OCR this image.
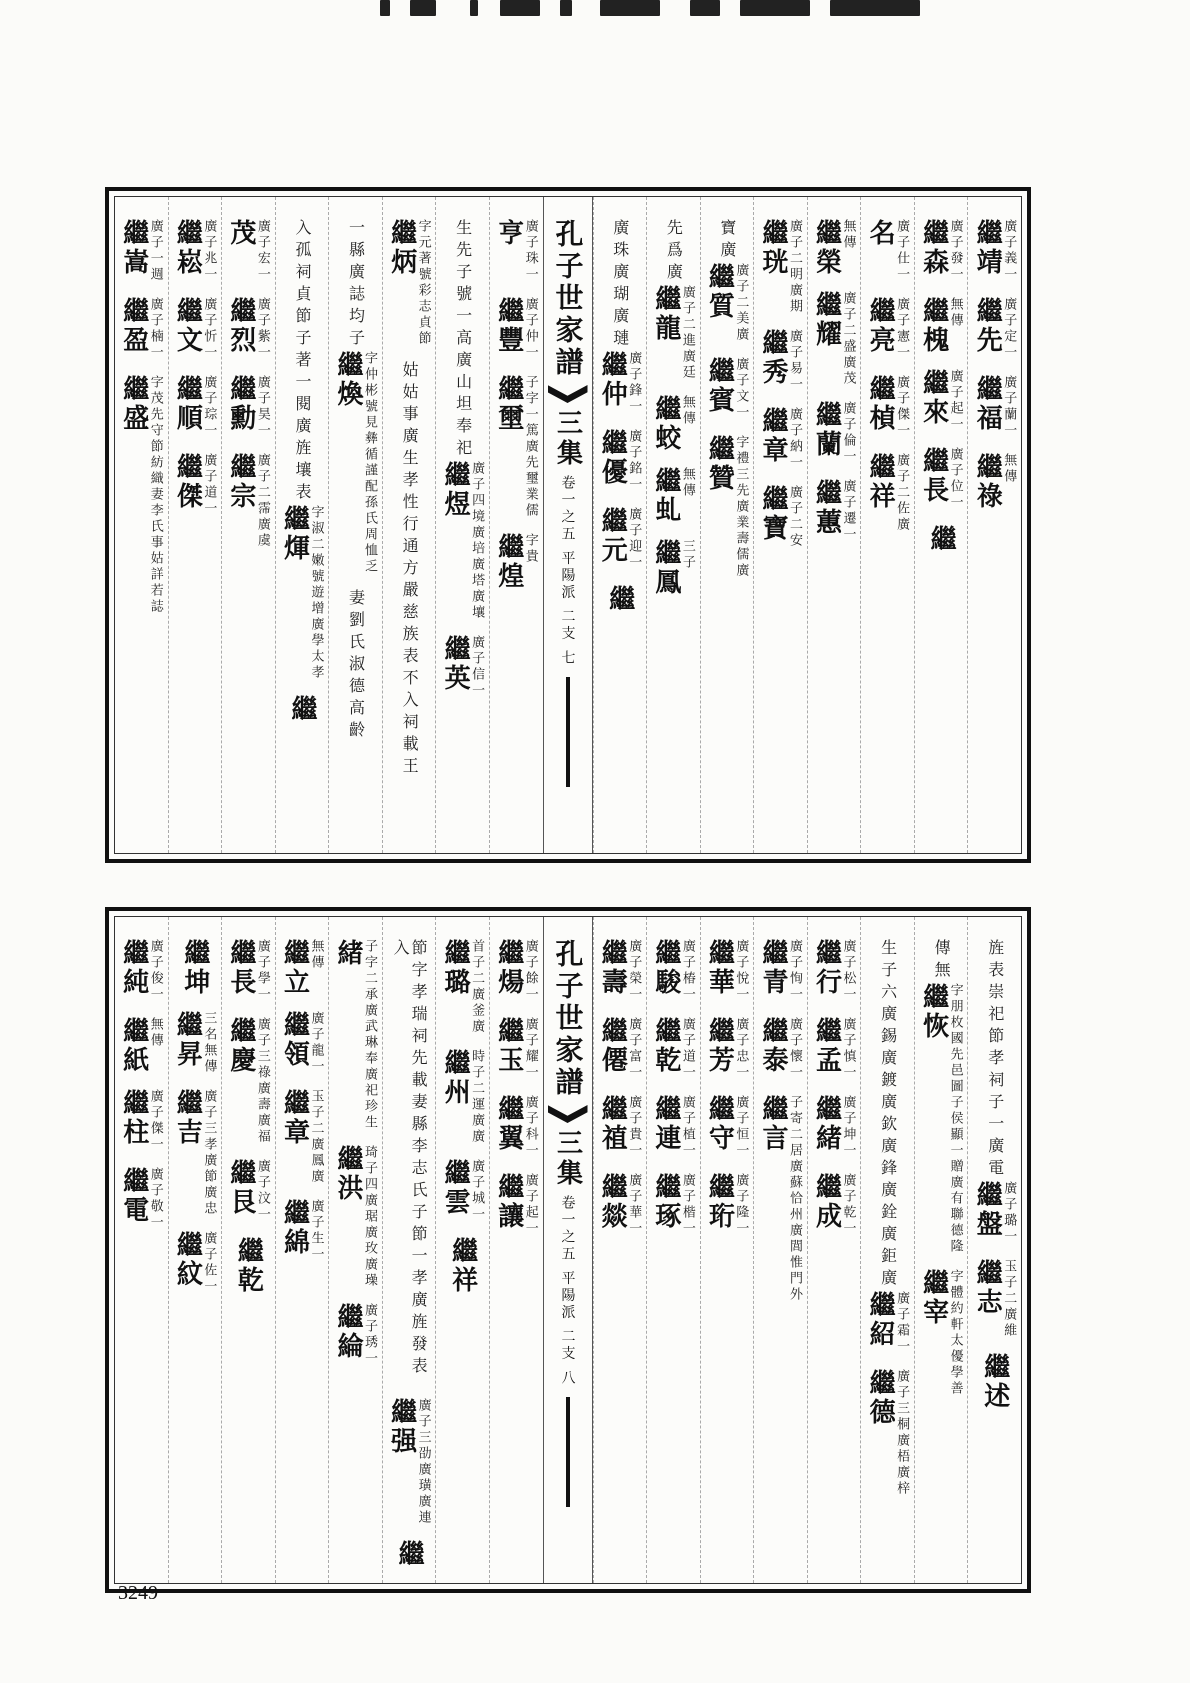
繼靖 廣子義一
繼先 廣子定一
繼福 廣子蘭一
繼祿 無傳
繼森 廣子發一
繼槐 無傳
繼來 廣子起一
繼長 廣子位一
繼
名 廣子仕一
繼亮 廣子憲一
繼楨 廣子傑一
繼祥 廣子二佐廣
繼榮 無傳
繼耀 廣子二盛廣茂
繼蘭 廣子倫一
繼蕙 廣子遷一
繼珖 廣子二明廣期
繼秀 廣子易一
繼章 廣子納一
繼寶 廣子二安
寶廣
繼質 廣子二美廣
繼賓 廣子文一
繼贊 字禮三先廣業壽儒廣
先爲廣
繼龍 廣子二進廣廷
繼蛟 無傳
繼虬 無傳
繼鳳 三子
廣珠廣瑚廣璉
繼仲 廣子鋒一
繼優 廣子銘一
繼元 廣子迎一
繼
孔子世家譜
三集
卷一之五 平陽派 二支 七
亨 廣子珠一
繼豐 廣子仲一
繼壐 子字一篤廣先璽業儒
繼煌 字貴
生先子號一高廣山坦奉祀
繼煜 廣子四境廣培廣塔廣壤
繼英 廣子信一
繼炳 字元著號彩志貞節
姑姑事廣生孝性行通方嚴慈族表不入祠載王
一縣廣誌均子
繼煥 字仲彬號見彝循謹配孫氏周恤乏
妻劉氏淑德高齡
入孤祠貞節子著一閱廣旌壤表
繼煇 字淑二嫩號遊增廣學太孝
繼
茂 廣子宏一
繼烈 廣子紫一
繼勳 廣子昊一
繼宗 廣子二霈廣虞
繼崧 廣子兆一
繼文 廣子忻一
繼順 廣子琮一
繼傑 廣子道一
繼嵩 廣子一週
繼盈 廣子楠一
繼盛 字茂先守節紡織妻李氏事姑詳若誌
旌表崇祀節孝祠子一廣電
繼盤 廣子璐一
繼志 玉子二廣維
繼述
傳無
繼恢 字朋枚國先邑圖子侯顯一贈廣有聯德隆
繼宰 字體約軒太優學善
生子六廣錫廣鍍廣欽廣鋒廣銓廣鉅廣
繼紹 廣子霜一
繼德 廣子三桐廣梧廣梓
繼行 廣子松一
繼孟 廣子慎一
繼緒 廣子坤一
繼成 廣子乾一
繼青 廣子恂一
繼泰 廣子懷一
繼言 子寄二居廣蘇恰州廣閭惟門外
繼華 廣子悅一
繼芳 廣子忠一
繼守 廣子恒一
繼珩 廣子隆一
繼駿 廣子椿一
繼乾 廣子道一
繼連 廣子植一
繼琢 廣子楷一
繼壽 廣子榮一
繼僊 廣子富一
繼禃 廣子貴一
繼燚 廣子華一
孔子世家譜
三集
卷一之五 平陽派 二支 八
繼煬 廣子餘一
繼玉 廣子耀一
繼翼 廣子科一
繼讓 廣子起一
繼璐 首子二廣釜廣
繼州 時子二運廣廣
繼雲 廣子城一
繼祥
節字孝瑞祠先載妻縣李志氏子節一孝廣旌發表入
繼强 廣子三劭廣璜廣連
繼
緒 子字二承廣武琳奉廣祀珍生
繼洪 琦子四廣琚廣玫廣璪
繼綸 廣子琇一
繼立 無傳
繼領 廣子龍一
繼章 玉子二廣鳳廣
繼綿 廣子生一
繼長 廣子學一
繼慶 廣子三祿廣壽廣福
繼艮 廣子汶一
繼乾
繼坤
繼昇 三名無傳
繼吉 廣子三孝廣節廣忠
繼紋 廣子佐一
繼純 廣子俊一
繼紙 無傳
繼柱 廣子傑一
繼電 廣子敬一
3249
